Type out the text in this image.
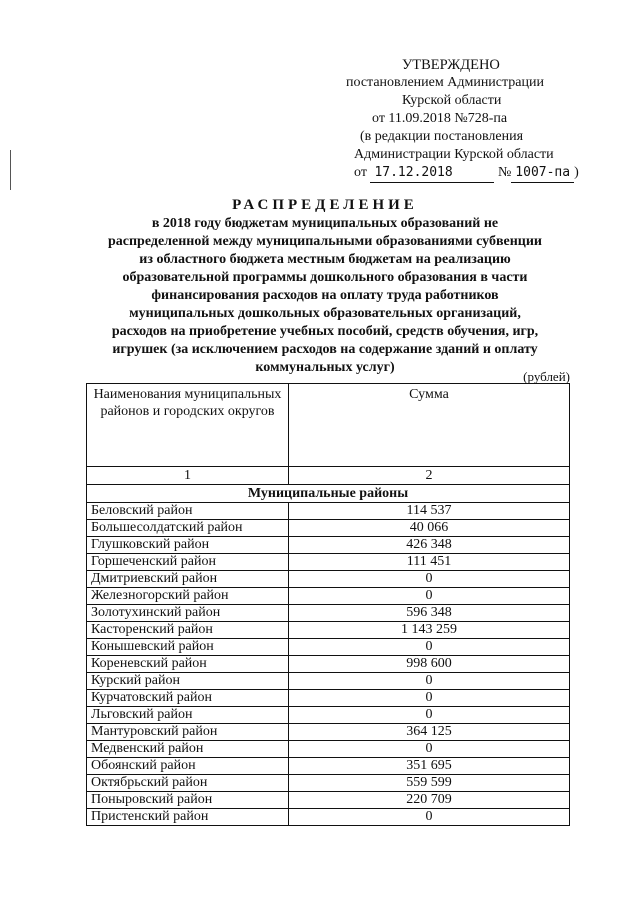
УТВЕРЖДЕНО
постановлением Администрации
Курской области
от 11.09.2018 №728-па
(в редакции постановления
Администрации Курской области
от 17.12.2018	№ 1007-па )
РАСПРЕДЕЛЕНИЕ
в 2018 году бюджетам муниципальных образований не
распределенной между муниципальными образованиями субвенции
из областного бюджета местным бюджетам на реализацию
образовательной программы дошкольного образования в части
финансирования расходов на оплату труда работников
муниципальных дошкольных образовательных организаций,
расходов на приобретение учебных пособий, средств обучения, игр,
игрушек (за исключением расходов на содержание зданий и оплату
коммунальных услуг)
(рублей)
Наименования муниципальных районов и городских округов	Сумма
1	2
Муниципальные районы	
Беловский район	114 537
Большесолдатский район	40 066
Глушковский район	426 348
Горшеченский район	111 451
Дмитриевский район	0
Железногорский район	0
Золотухинский район	596 348
Касторенский район	1 143 259
Конышевский район	0
Кореневский район	998 600
Курский район	0
Курчатовский район	0
Льговский район	0
Мантуровский район	364 125
Медвенский район	0
Обоянский район	351 695
Октябрьский район	559 599
Поныровский район	220 709
Пристенский район	0
